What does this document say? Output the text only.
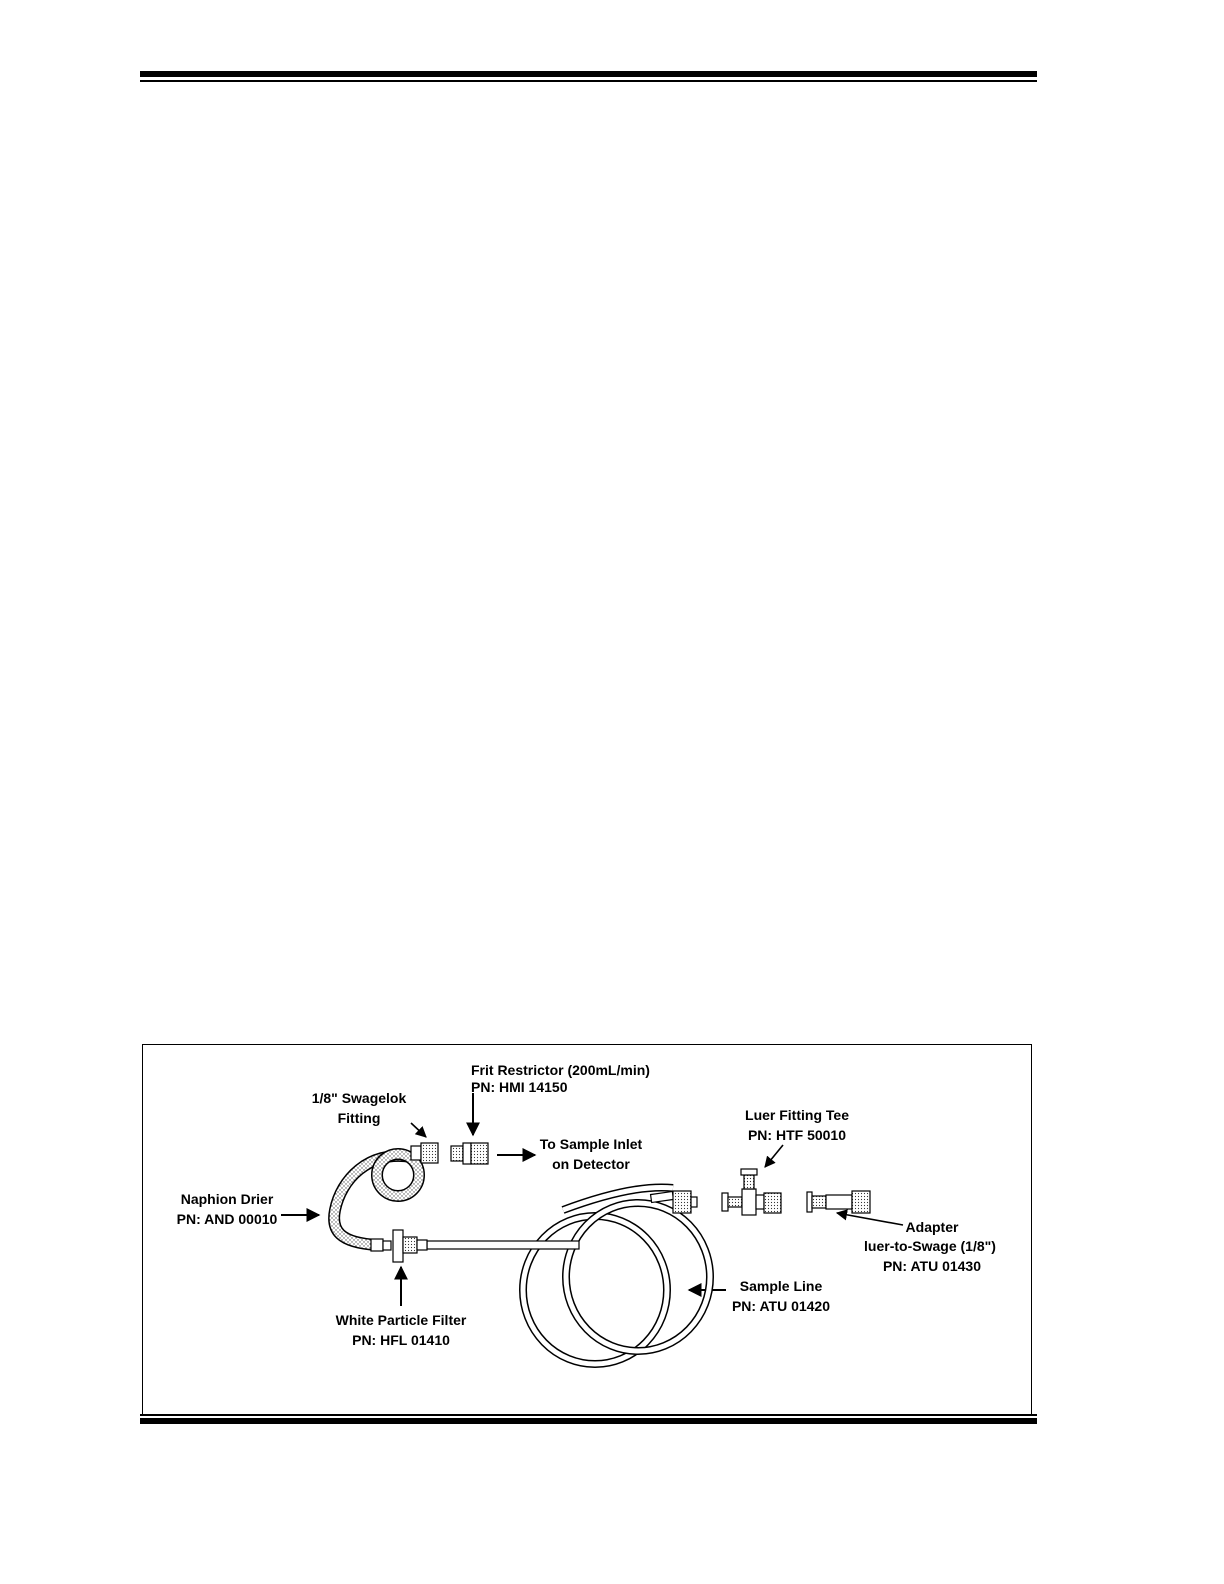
Frit Restrictor (200mL/min)
PN: HMI 14150
1/8" Swagelok
Fitting
To Sample Inlet
on Detector
Luer Fitting Tee
PN: HTF 50010
Naphion Drier
PN: AND 00010	Adapter
luer-to-Swage (1/8")
PN: ATU 01430
Sample Line
PN: ATU 01420
White Particle Filter
PN: HFL 01410
